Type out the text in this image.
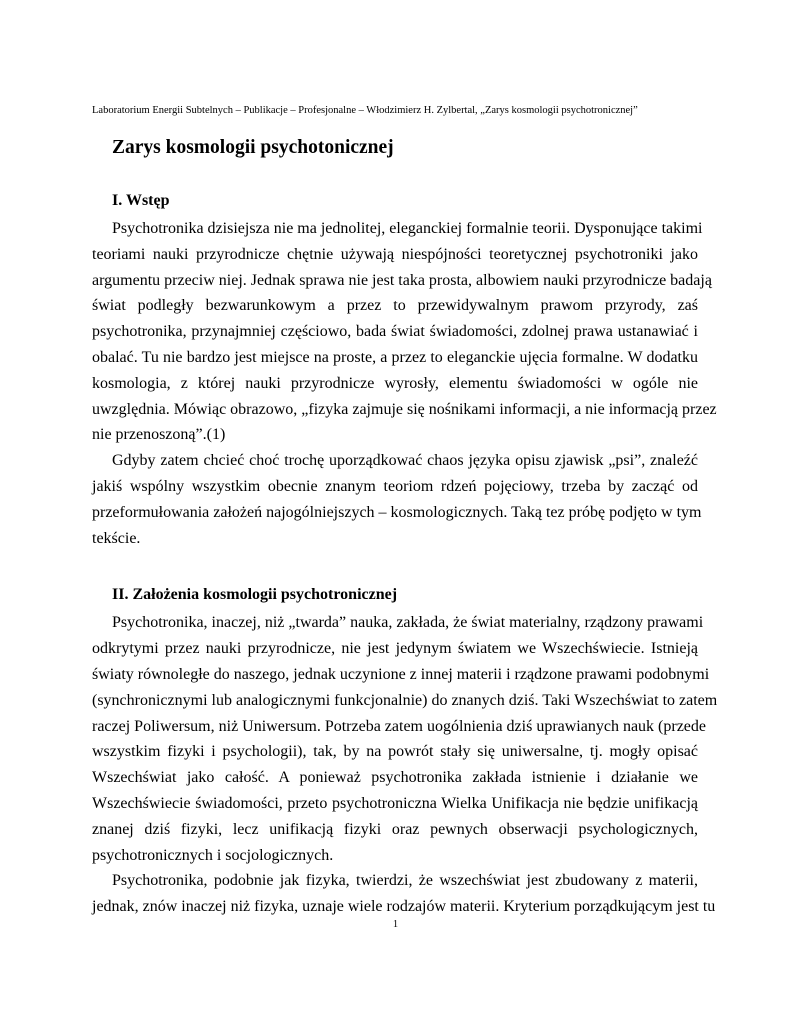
Laboratorium Energii Subtelnych – Publikacje – Profesjonalne – Włodzimierz H. Zylbertal, „Zarys kosmologii psychotronicznej”
Zarys kosmologii psychotonicznej
I. Wstęp

Psychotronika dzisiejsza nie ma jednolitej, eleganckiej formalnie teorii. Dysponujące takimi
teoriami nauki przyrodnicze chętnie używają niespójności teoretycznej psychotroniki jako
argumentu przeciw niej. Jednak sprawa nie jest taka prosta, albowiem nauki przyrodnicze badają
świat podległy bezwarunkowym a przez to przewidywalnym prawom przyrody, zaś
psychotronika, przynajmniej częściowo, bada świat świadomości, zdolnej prawa ustanawiać i
obalać. Tu nie bardzo jest miejsce na proste, a przez to eleganckie ujęcia formalne. W dodatku
kosmologia, z której nauki przyrodnicze wyrosły, elementu świadomości w ogóle nie
uwzględnia. Mówiąc obrazowo, „fizyka zajmuje się nośnikami informacji, a nie informacją przez
nie przenoszoną”.(1)

Gdyby zatem chcieć choć trochę uporządkować chaos języka opisu zjawisk „psi”, znaleźć
jakiś wspólny wszystkim obecnie znanym teoriom rdzeń pojęciowy, trzeba by zacząć od
przeformułowania założeń najogólniejszych – kosmologicznych. Taką tez próbę podjęto w tym
tekście.

II. Założenia kosmologii psychotronicznej

Psychotronika, inaczej, niż „twarda” nauka, zakłada, że świat materialny, rządzony prawami
odkrytymi przez nauki przyrodnicze, nie jest jedynym światem we Wszechświecie. Istnieją
światy równoległe do naszego, jednak uczynione z innej materii i rządzone prawami podobnymi
(synchronicznymi lub analogicznymi funkcjonalnie) do znanych dziś. Taki Wszechświat to zatem
raczej Poliwersum, niż Uniwersum. Potrzeba zatem uogólnienia dziś uprawianych nauk (przede
wszystkim fizyki i psychologii), tak, by na powrót stały się uniwersalne, tj. mogły opisać
Wszechświat jako całość. A ponieważ psychotronika zakłada istnienie i działanie we
Wszechświecie świadomości, przeto psychotroniczna Wielka Unifikacja nie będzie unifikacją
znanej dziś fizyki, lecz unifikacją fizyki oraz pewnych obserwacji psychologicznych,
psychotronicznych i socjologicznych.

Psychotronika, podobnie jak fizyka, twierdzi, że wszechświat jest zbudowany z materii,
jednak, znów inaczej niż fizyka, uznaje wiele rodzajów materii. Kryterium porządkującym jest tu

1
